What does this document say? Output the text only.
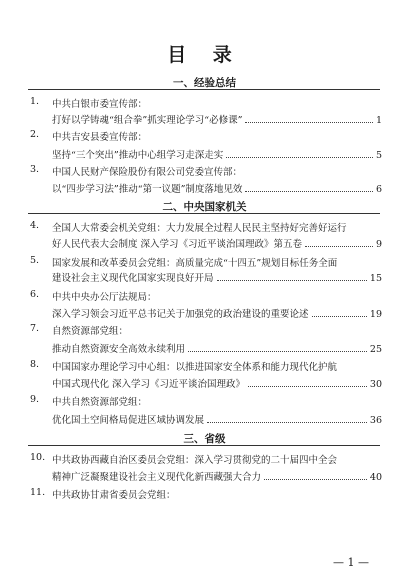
目 录
一、经验总结
1. 中共白银市委宣传部：
打好以学铸魂“组合拳”抓实理论学习“必修课”	1
2. 中共吉安县委宣传部：
坚持“三个突出”推动中心组学习走深走实	5
3. 中国人民财产保险股份有限公司党委宣传部：
以“四步学习法”推动“第一议题”制度落地见效	6
二、中央国家机关
4. 全国人大常委会机关党组：大力发展全过程人民民主坚持好完善好运行
好人民代表大会制度 深入学习《习近平谈治国理政》第五卷	9
5. 国家发展和改革委员会党组：高质量完成“十四五”规划目标任务全面
建设社会主义现代化国家实现良好开局	15
6. 中共中央办公厅法规局：
深入学习领会习近平总书记关于加强党的政治建设的重要论述	19
7. 自然资源部党组：
推动自然资源安全高效永续利用	25
8. 中国国家办理论学习中心组：以推进国家安全体系和能力现代化护航
中国式现代化 深入学习《习近平谈治国理政》	30
9. 中共自然资源部党组：
优化国土空间格局促进区域协调发展	36
三、省级
10. 中共政协西藏自治区委员会党组：深入学习贯彻党的二十届四中全会
精神广泛凝聚建设社会主义现代化新西藏强大合力	40
11. 中共政协甘肃省委员会党组：
— 1 —
